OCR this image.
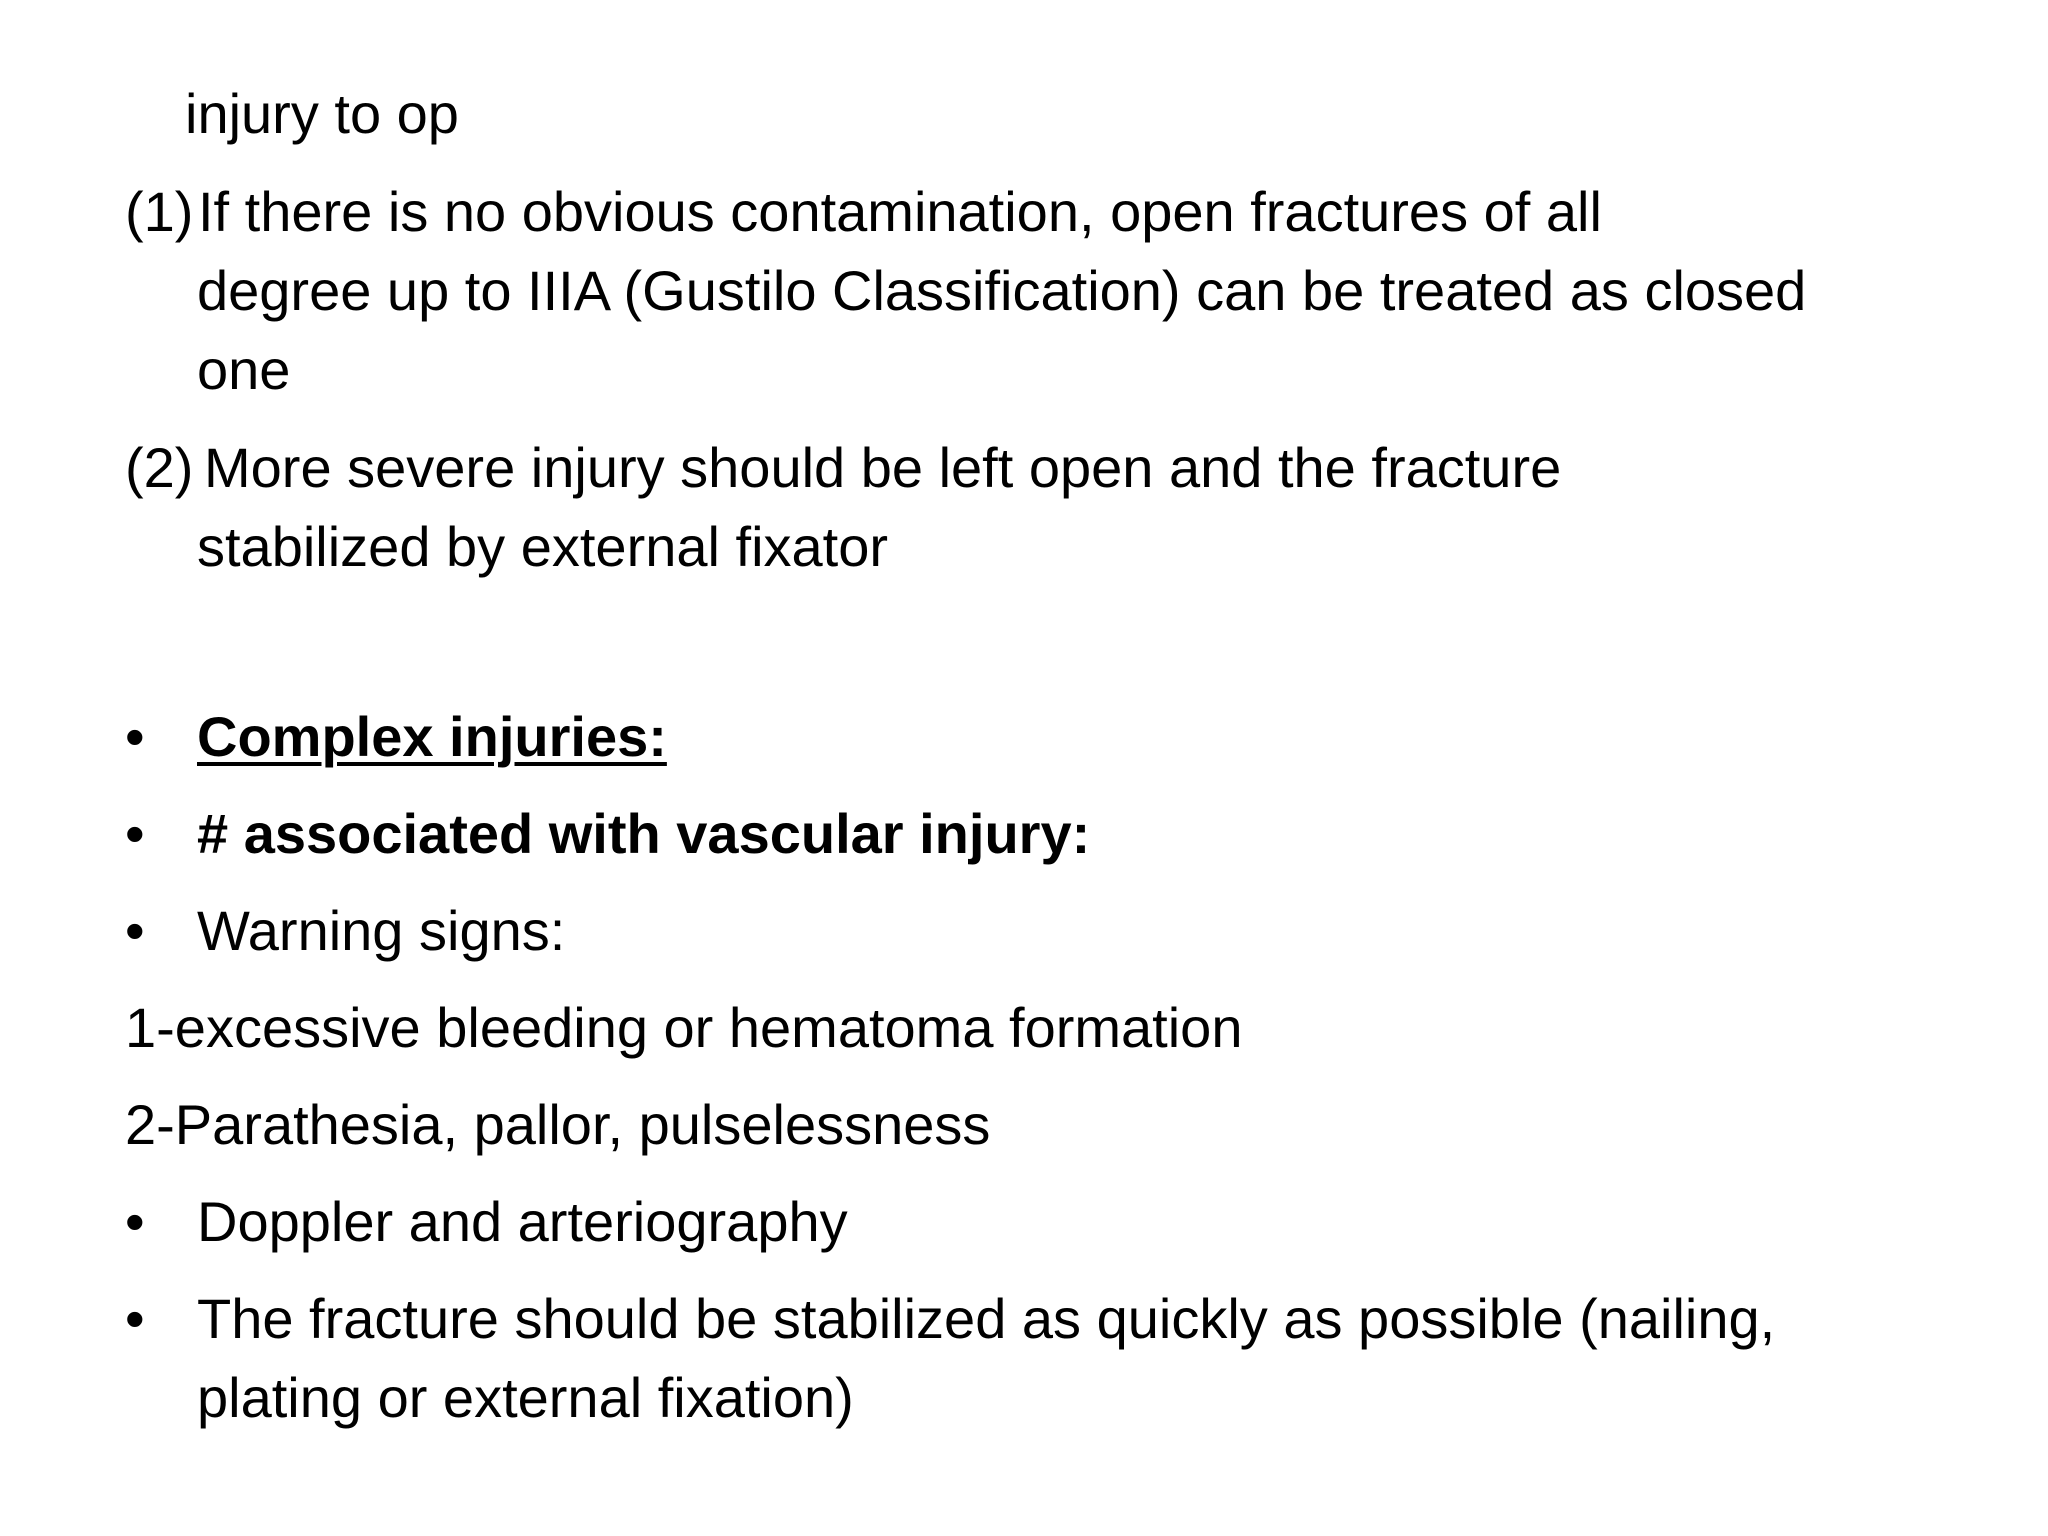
injury to op
(1) If there is no obvious contamination, open fractures of all
degree up to IIIA (Gustilo Classification) can be treated as closed
one
(2) More severe injury should be left open and the fracture
stabilized by external fixator
• Complex injuries:
• # associated with vascular injury:
• Warning signs:
1-excessive bleeding or hematoma formation
2-Parathesia, pallor, pulselessness
• Doppler and arteriography
• The fracture should be stabilized as quickly as possible (nailing,
plating or external fixation)
